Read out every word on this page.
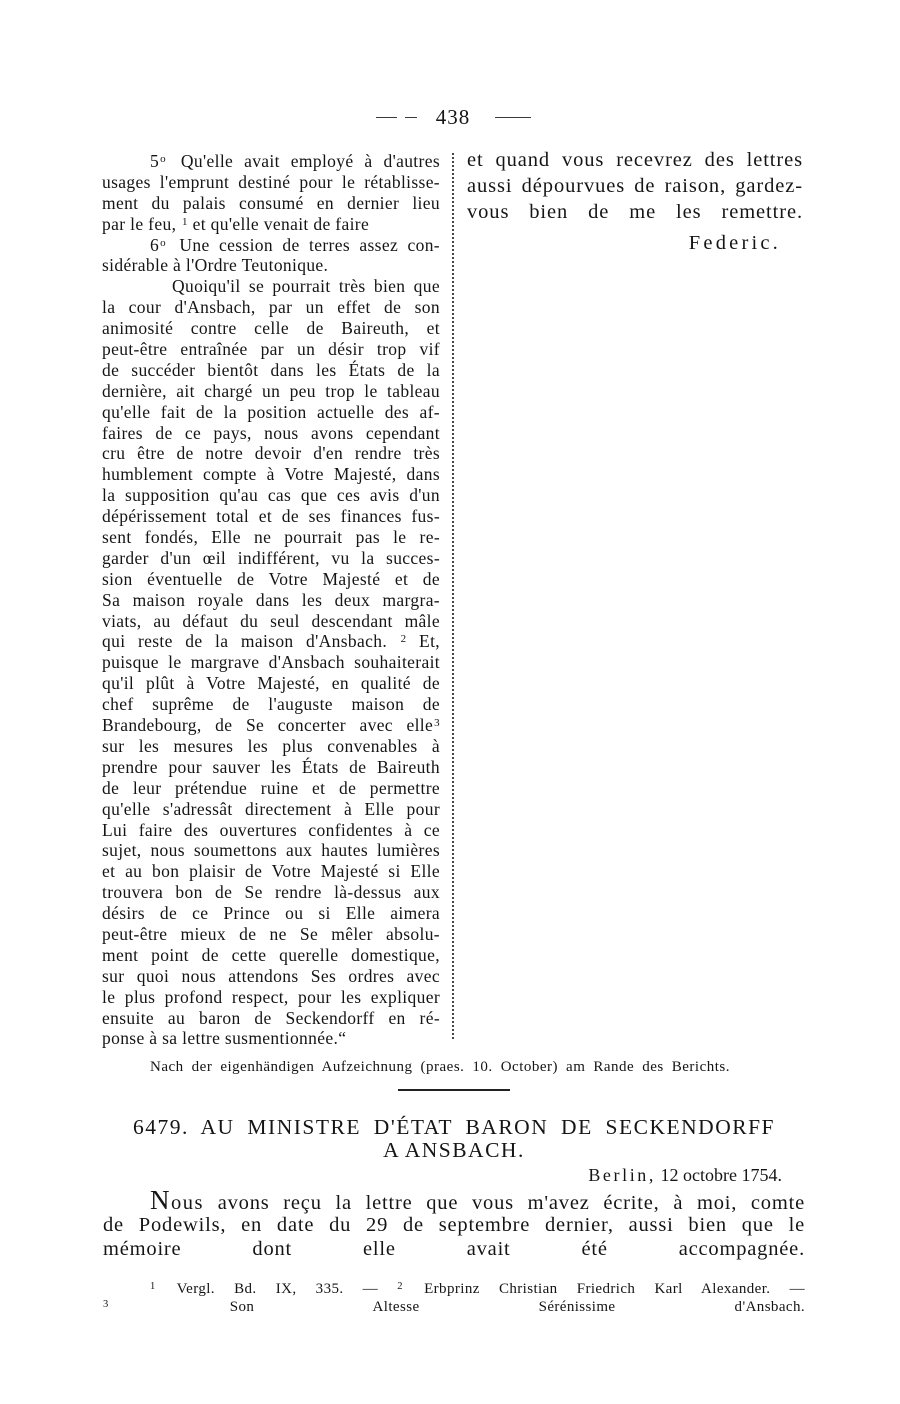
438
5$^o$ Qu'elle avait employé à d'autres
usages l'emprunt destiné pour le rétablisse-
ment du palais consumé en dernier lieu
par le feu, $^1$ et qu'elle venait de faire
6$^o$ Une cession de terres assez con-
sidérable à l'Ordre Teutonique.
Quoiqu'il se pourrait très bien que
la cour d'Ansbach, par un effet de son
animosité contre celle de Baireuth, et
peut-être entraînée par un désir trop vif
de succéder bientôt dans les États de la
dernière, ait chargé un peu trop le tableau
qu'elle fait de la position actuelle des af-
faires de ce pays, nous avons cependant
cru être de notre devoir d'en rendre très
humblement compte à Votre Majesté, dans
la supposition qu'au cas que ces avis d'un
dépérissement total et de ses finances fus-
sent fondés, Elle ne pourrait pas le re-
garder d'un œil indifférent, vu la succes-
sion éventuelle de Votre Majesté et de
Sa maison royale dans les deux margra-
viats, au défaut du seul descendant mâle
qui reste de la maison d'Ansbach. $^2$ Et,
puisque le margrave d'Ansbach souhaiterait
qu'il plût à Votre Majesté, en qualité de
chef suprême de l'auguste maison de
Brandebourg, de Se concerter avec elle$^3$
sur les mesures les plus convenables à
prendre pour sauver les États de Baireuth
de leur prétendue ruine et de permettre
qu'elle s'adressât directement à Elle pour
Lui faire des ouvertures confidentes à ce
sujet, nous soumettons aux hautes lumières
et au bon plaisir de Votre Majesté si Elle
trouvera bon de Se rendre là-dessus aux
désirs de ce Prince ou si Elle aimera
peut-être mieux de ne Se mêler absolu-
ment point de cette querelle domestique,
sur quoi nous attendons Ses ordres avec
le plus profond respect, pour les expliquer
ensuite au baron de Seckendorff en ré-
ponse à sa lettre susmentionnée.“
et quand vous recevrez des lettres
aussi dépourvues de raison, gardez-
vous bien de me les remettre.
Federic.
Nach der eigenhändigen Aufzeichnung (praes. 10. October) am Rande des Berichts.
6479. AU MINISTRE D'ÉTAT BARON DE SECKENDORFF
A ANSBACH.
Berlin, 12 octobre 1754.
Nous avons reçu la lettre que vous m'avez écrite, à moi, comte
de Podewils, en date du 29 de septembre dernier, aussi bien que le
mémoire dont elle avait été accompagnée.
$^1$ Vergl. Bd. IX, 335. — $^2$ Erbprinz Christian Friedrich Karl Alexander. —
$^3$	Son Altesse Sérénissime d'Ansbach.
